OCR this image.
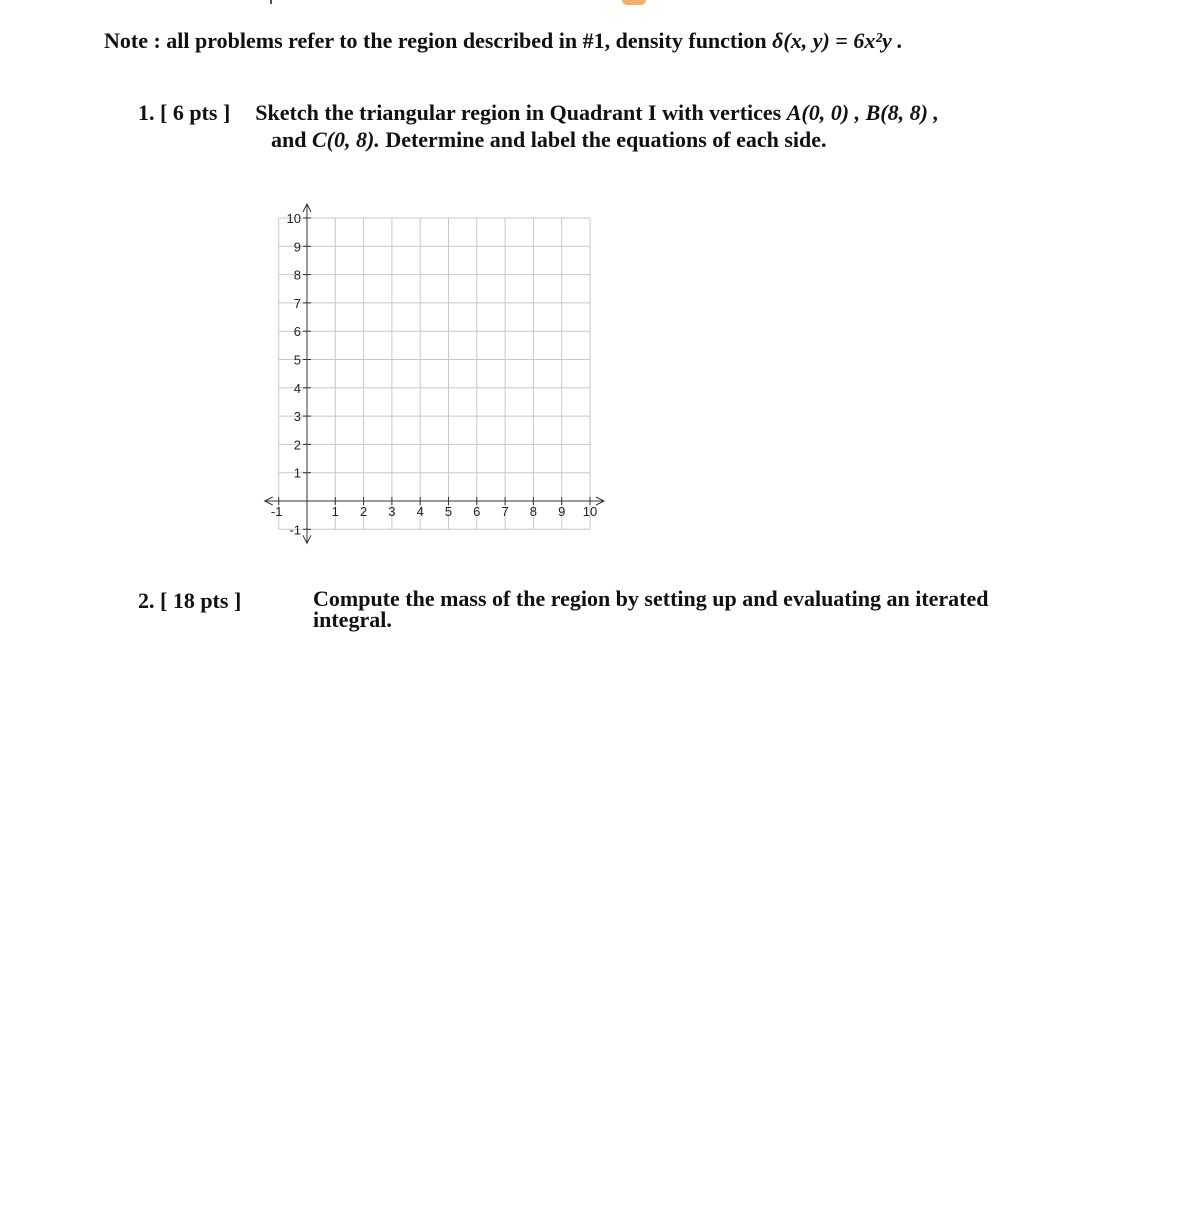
Note : all problems refer to the region described in #1, density function δ(x, y) = 6x²y .
1. [ 6 pts ] Sketch the triangular region in Quadrant I with vertices A(0, 0) , B(8, 8) ,
and C(0, 8). Determine and label the equations of each side.
-1	1 2 3 4 5 6 7 8 9 10
10
9
8
7
6
5
4
3
2
1
-1
2. [ 18 pts ]	Compute the mass of the region by setting up and evaluating an iterated integral.
